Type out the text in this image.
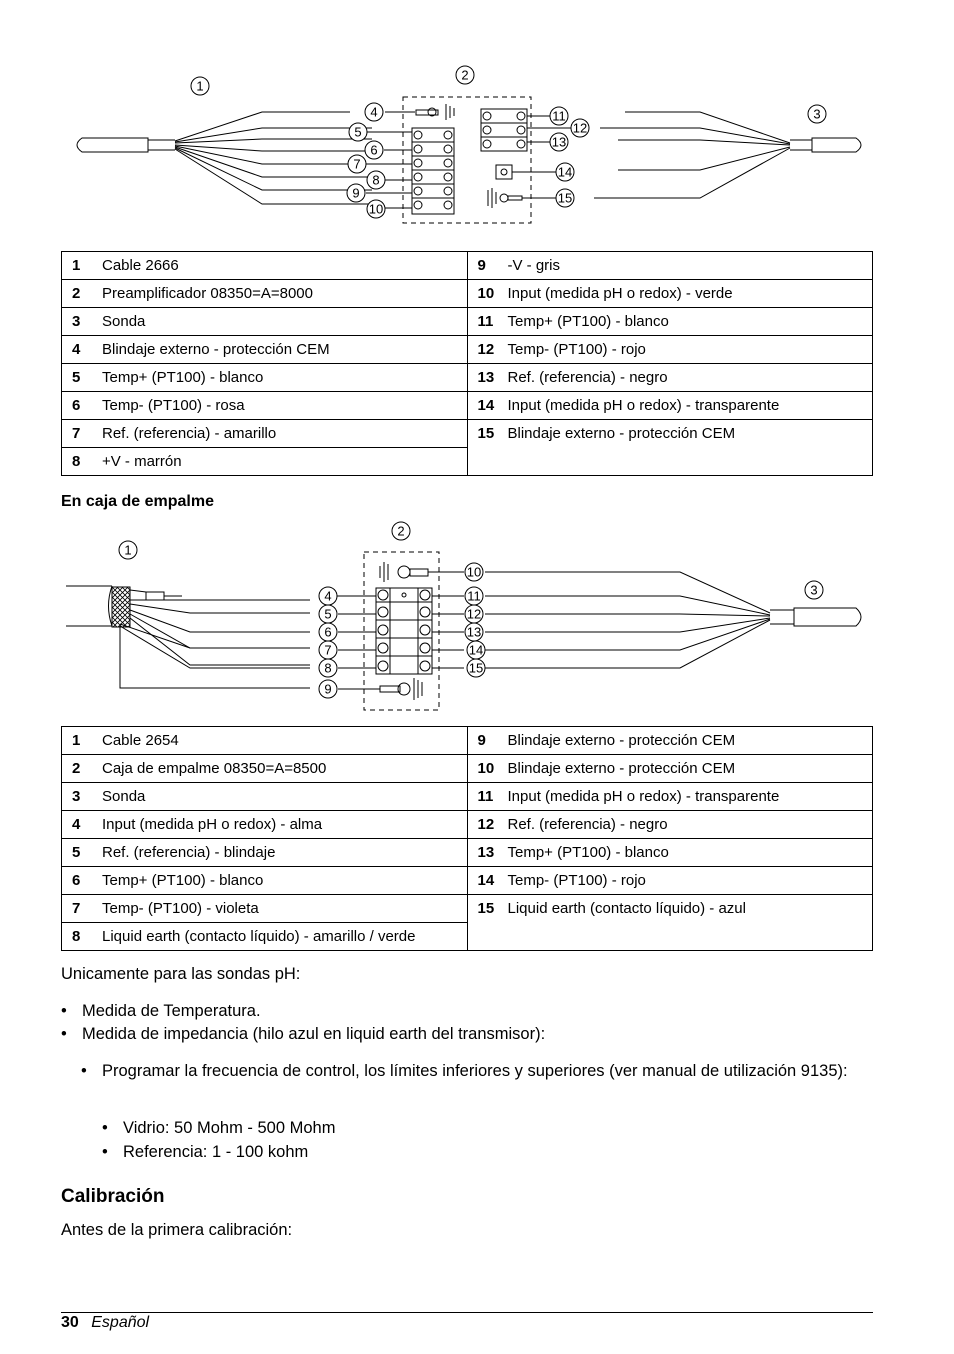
1
2
3
4
5
6
7
8
9
10
11
12
13
14
15
1 Cable 2666	9 -V - gris
2 Preamplificador 08350=A=8000	10 Input (medida pH o redox) - verde
3 Sonda	11 Temp+ (PT100) - blanco
4 Blindaje externo - protección CEM	12 Temp- (PT100) - rojo
5 Temp+ (PT100) - blanco	13 Ref. (referencia) - negro
6 Temp- (PT100) - rosa	14 Input (medida pH o redox) - transparente
7 Ref. (referencia) - amarillo	15 Blindaje externo - protección CEM
8 +V - marrón	
En caja de empalme
1
2
3
4
5
6
7
8
9
10
11
12
13
14
15
1 Cable 2654	9 Blindaje externo - protección CEM
2 Caja de empalme 08350=A=8500	10 Blindaje externo - protección CEM
3 Sonda	11 Input (medida pH o redox) - transparente
4 Input (medida pH o redox) - alma	12 Ref. (referencia) - negro
5 Ref. (referencia) - blindaje	13 Temp+ (PT100) - blanco
6 Temp+ (PT100) - blanco	14 Temp- (PT100) - rojo
7 Temp- (PT100) - violeta	15 Liquid earth (contacto líquido) - azul
8 Liquid earth (contacto líquido) - amarillo / verde	
Unicamente para las sondas pH:
• Medida de Temperatura.
• Medida de impedancia (hilo azul en liquid earth del transmisor):
• Programar la frecuencia de control, los límites inferiores y superiores (ver manual de utilización 9135):
• Vidrio: 50 Mohm - 500 Mohm
• Referencia: 1 - 100 kohm
Calibración
Antes de la primera calibración:
30 Español
